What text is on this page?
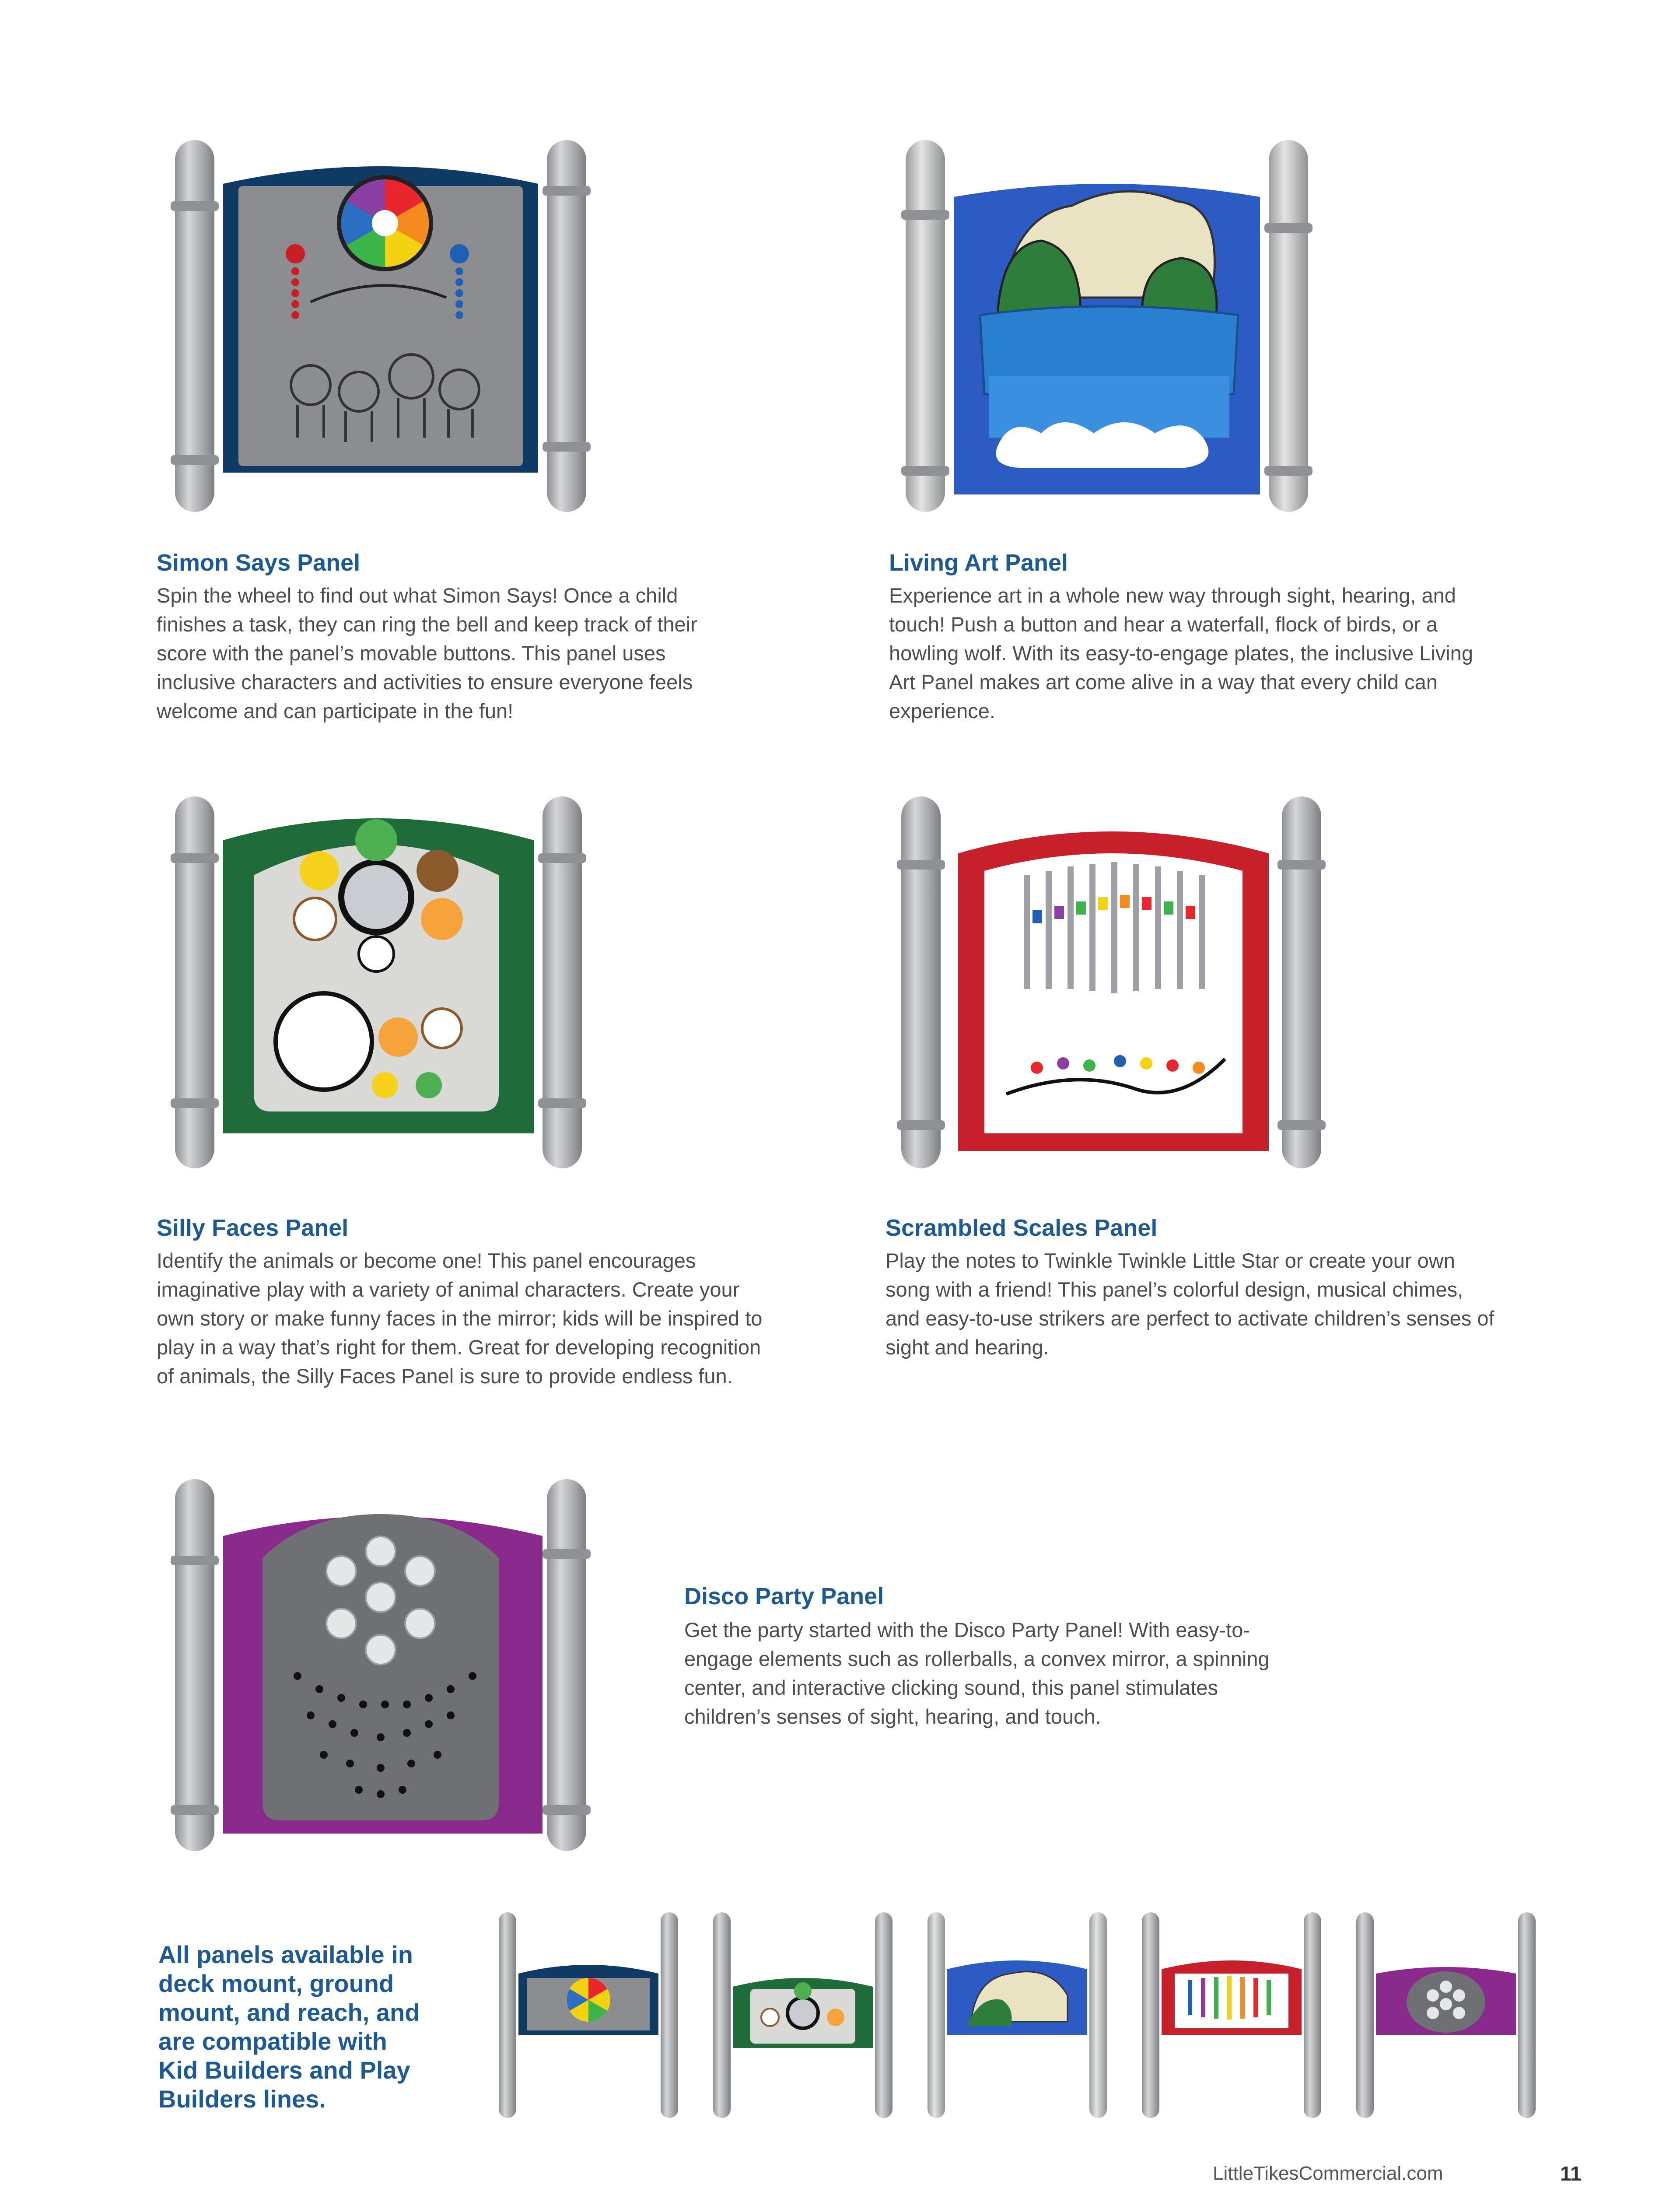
Simon Says Panel
Spin the wheel to find out what Simon Says! Once a child
finishes a task, they can ring the bell and keep track of their
score with the panel’s movable buttons. This panel uses
inclusive characters and activities to ensure everyone feels
welcome and can participate in the fun!
Living Art Panel
Experience art in a whole new way through sight, hearing, and
touch! Push a button and hear a waterfall, flock of birds, or a
howling wolf. With its easy-to-engage plates, the inclusive Living
Art Panel makes art come alive in a way that every child can
experience.
Silly Faces Panel
Identify the animals or become one! This panel encourages
imaginative play with a variety of animal characters. Create your
own story or make funny faces in the mirror; kids will be inspired to
play in a way that’s right for them. Great for developing recognition
of animals, the Silly Faces Panel is sure to provide endless fun.
Scrambled Scales Panel
Play the notes to Twinkle Twinkle Little Star or create your own
song with a friend! This panel’s colorful design, musical chimes,
and easy-to-use strikers are perfect to activate children’s senses of
sight and hearing.
Disco Party Panel
Get the party started with the Disco Party Panel! With easy-to-
engage elements such as rollerballs, a convex mirror, a spinning
center, and interactive clicking sound, this panel stimulates
children’s senses of sight, hearing, and touch.
All panels available in
deck mount, ground
mount, and reach, and
are compatible with
Kid Builders and Play
Builders lines.
LittleTikesCommercial.com	11
